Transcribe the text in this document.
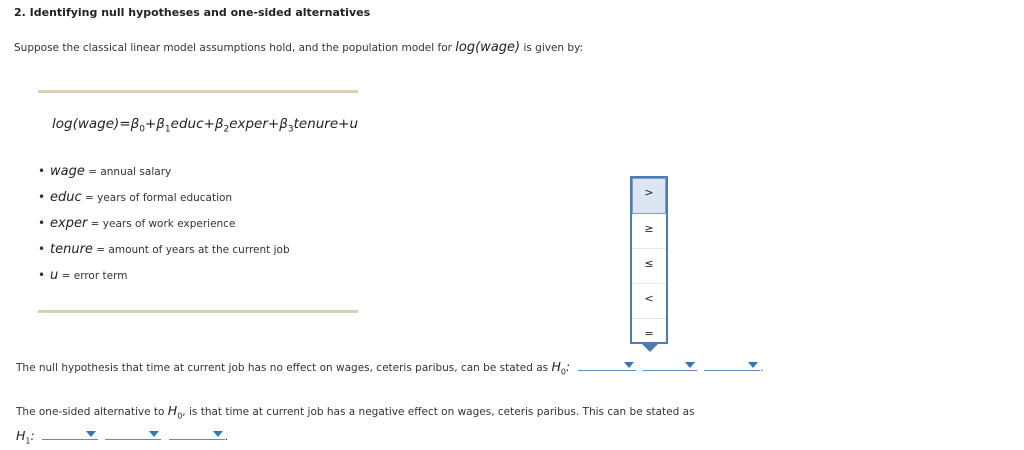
2. Identifying null hypotheses and one-sided alternatives
Suppose the classical linear model assumptions hold, and the population model for log(wage) is given by:
$\log(wage)=\beta_0+\beta_1educ+\beta_2exper+\beta_3tenure+u$
• wage = annual salary
• educ = years of formal education
• exper = years of work experience
• tenure = amount of years at the current job
• u = error term
>
≥
≤
<
=
The null hypothesis that time at current job has no effect on wages, ceteris paribus, can be stated as $H_0$:

	.
The one-sided alternative to $H_0$, is that time at current job has a negative effect on wages, ceteris paribus. This can be stated as
$H_1$:

	.
